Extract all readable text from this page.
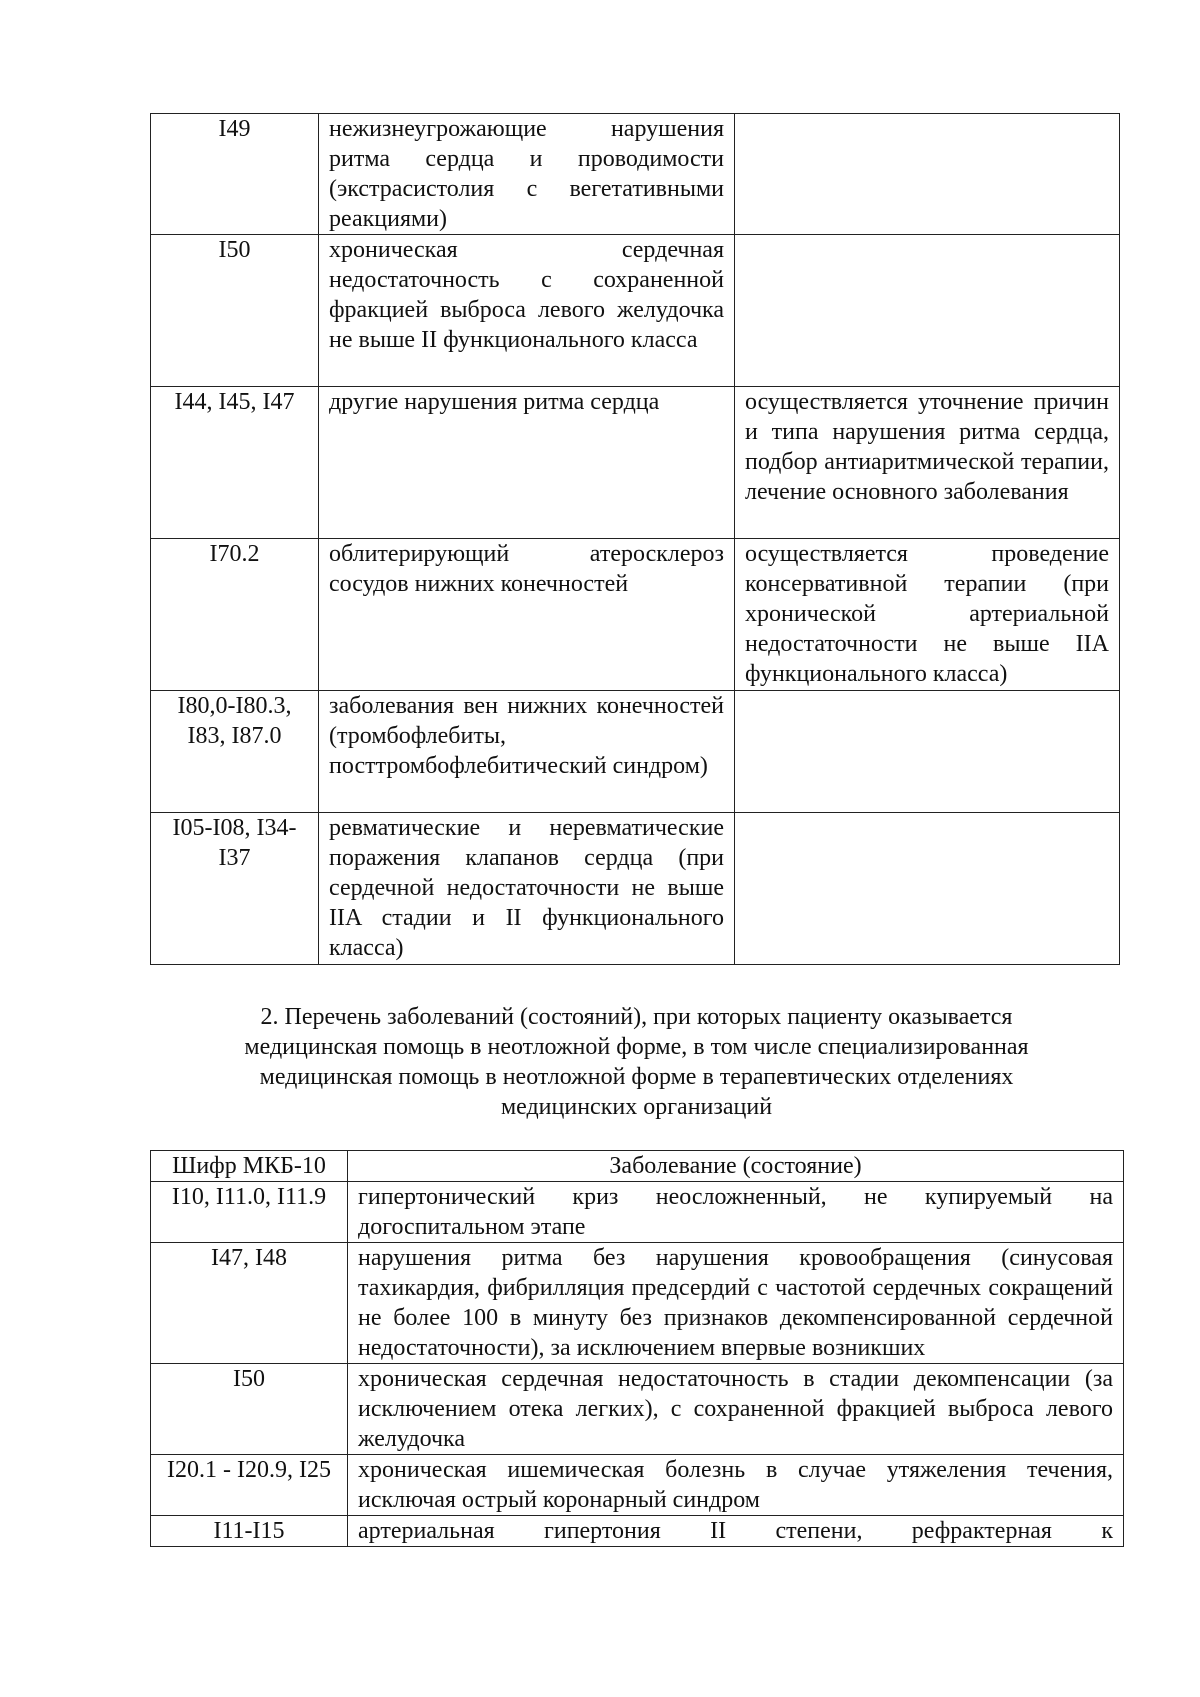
I49	нежизнеугрожающие нарушения ритма сердца и проводимости (экстрасистолия с вегетативными реакциями)	
I50	хроническая сердечная недостаточность с сохраненной фракцией выброса левого желудочка не выше II функционального класса	
I44, I45, I47	другие нарушения ритма сердца	осуществляется уточнение причин и типа нарушения ритма сердца, подбор антиаритмической терапии, лечение основного заболевания
I70.2	облитерирующий атеросклероз сосудов нижних конечностей	осуществляется проведение консервативной терапии (при хронической артериальной недостаточности не выше IIA функционального класса)
I80,0-I80.3, I83, I87.0	заболевания вен нижних конечностей (тромбофлебиты, посттромбофлебитический синдром)	
I05-I08, I34-I37	ревматические и неревматические поражения клапанов сердца (при сердечной недостаточности не выше IIA стадии и II функционального класса)	
2. Перечень заболеваний (состояний), при которых пациенту оказывается
медицинская помощь в неотложной форме, в том числе специализированная
медицинская помощь в неотложной форме в терапевтических отделениях
медицинских организаций
Шифр МКБ-10	Заболевание (состояние)
I10, I11.0, I11.9	гипертонический криз неосложненный, не купируемый на догоспитальном этапе
I47, I48	нарушения ритма без нарушения кровообращения (синусовая тахикардия, фибрилляция предсердий с частотой сердечных сокращений не более 100 в минуту без признаков декомпенсированной сердечной недостаточности), за исключением впервые возникших
I50	хроническая сердечная недостаточность в стадии декомпенсации (за исключением отека легких), с сохраненной фракцией выброса левого желудочка
I20.1 - I20.9, I25	хроническая ишемическая болезнь в случае утяжеления течения, исключая острый коронарный синдром
I11-I15	артериальная гипертония II степени, рефрактерная к
